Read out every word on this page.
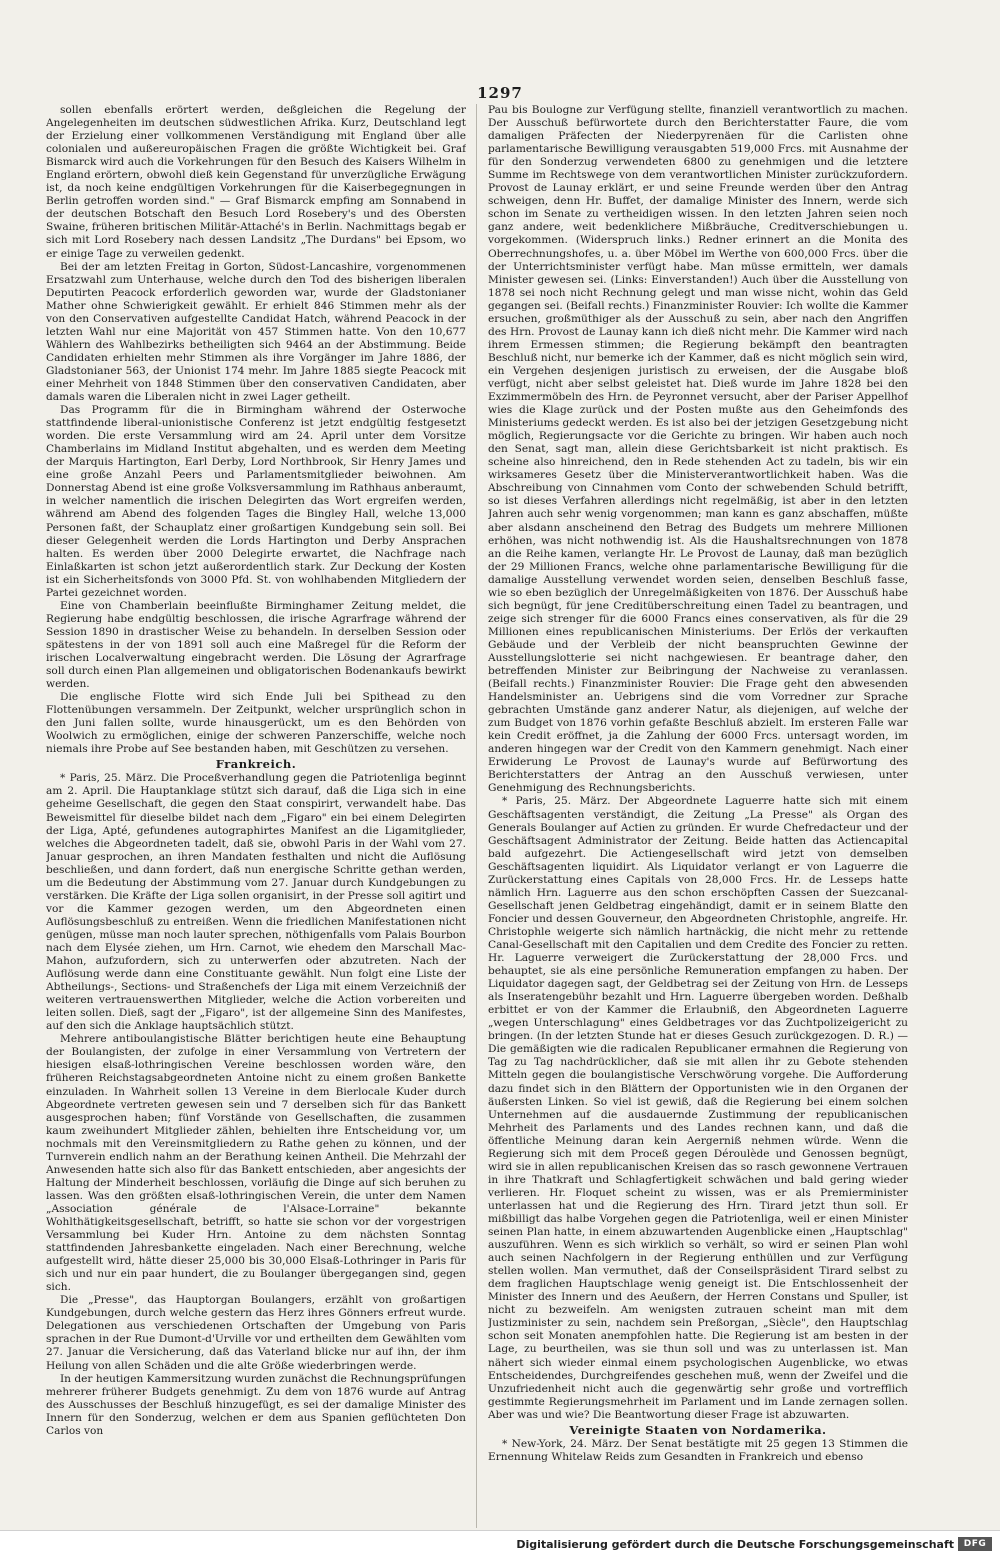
1297

sollen ebenfalls erörtert werden, deßgleichen die Regelung der Angelegenheiten im deutschen südwestlichen Afrika. Kurz, Deutschland legt der Erzielung einer vollkommenen Verständigung mit England über alle colonialen und außereuropäischen Fragen die größte Wichtigkeit bei. Graf Bismarck wird auch die Vorkehrungen für den Besuch des Kaisers Wilhelm in England erörtern, obwohl dieß kein Gegenstand für unverzügliche Erwägung ist, da noch keine endgültigen Vorkehrungen für die Kaiserbegegnungen in Berlin getroffen worden sind." — Graf Bismarck empfing am Sonnabend in der deutschen Botschaft den Besuch Lord Rosebery's und des Obersten Swaine, früheren britischen Militär-Attaché's in Berlin. Nachmittags begab er sich mit Lord Rosebery nach dessen Landsitz „The Durdans" bei Epsom, wo er einige Tage zu verweilen gedenkt.

Bei der am letzten Freitag in Gorton, Südost-Lancashire, vorgenommenen Ersatzwahl zum Unterhause, welche durch den Tod des bisherigen liberalen Deputirten Peacock erforderlich geworden war, wurde der Gladstonianer Mather ohne Schwierigkeit gewählt. Er erhielt 846 Stimmen mehr als der von den Conservativen aufgestellte Candidat Hatch, während Peacock in der letzten Wahl nur eine Majorität von 457 Stimmen hatte. Von den 10,677 Wählern des Wahlbezirks betheiligten sich 9464 an der Abstimmung. Beide Candidaten erhielten mehr Stimmen als ihre Vorgänger im Jahre 1886, der Gladstonianer 563, der Unionist 174 mehr. Im Jahre 1885 siegte Peacock mit einer Mehrheit von 1848 Stimmen über den conservativen Candidaten, aber damals waren die Liberalen nicht in zwei Lager getheilt.

Das Programm für die in Birmingham während der Osterwoche stattfindende liberal-unionistische Conferenz ist jetzt endgültig festgesetzt worden. Die erste Versammlung wird am 24. April unter dem Vorsitze Chamberlains im Midland Institut abgehalten, und es werden dem Meeting der Marquis Hartington, Earl Derby, Lord Northbrook, Sir Henry James und eine große Anzahl Peers und Parlamentsmitglieder beiwohnen. Am Donnerstag Abend ist eine große Volksversammlung im Rathhaus anberaumt, in welcher namentlich die irischen Delegirten das Wort ergreifen werden, während am Abend des folgenden Tages die Bingley Hall, welche 13,000 Personen faßt, der Schauplatz einer großartigen Kundgebung sein soll. Bei dieser Gelegenheit werden die Lords Hartington und Derby Ansprachen halten. Es werden über 2000 Delegirte erwartet, die Nachfrage nach Einlaßkarten ist schon jetzt außerordentlich stark. Zur Deckung der Kosten ist ein Sicherheitsfonds von 3000 Pfd. St. von wohlhabenden Mitgliedern der Partei gezeichnet worden.

Eine von Chamberlain beeinflußte Birminghamer Zeitung meldet, die Regierung habe endgültig beschlossen, die irische Agrarfrage während der Session 1890 in drastischer Weise zu behandeln. In derselben Session oder spätestens in der von 1891 soll auch eine Maßregel für die Reform der irischen Localverwaltung eingebracht werden. Die Lösung der Agrarfrage soll durch einen Plan allgemeinen und obligatorischen Bodenankaufs bewirkt werden.

Die englische Flotte wird sich Ende Juli bei Spithead zu den Flottenübungen versammeln. Der Zeitpunkt, welcher ursprünglich schon in den Juni fallen sollte, wurde hinausgerückt, um es den Behörden von Woolwich zu ermöglichen, einige der schweren Panzerschiffe, welche noch niemals ihre Probe auf See bestanden haben, mit Geschützen zu versehen.

Frankreich.

* Paris, 25. März. Die Proceßverhandlung gegen die Patriotenliga beginnt am 2. April. Die Hauptanklage stützt sich darauf, daß die Liga sich in eine geheime Gesellschaft, die gegen den Staat conspirirt, verwandelt habe. Das Beweismittel für dieselbe bildet nach dem „Figaro" ein bei einem Delegirten der Liga, Apté, gefundenes autographirtes Manifest an die Ligamitglieder, welches die Abgeordneten tadelt, daß sie, obwohl Paris in der Wahl vom 27. Januar gesprochen, an ihren Mandaten festhalten und nicht die Auflösung beschließen, und dann fordert, daß nun energische Schritte gethan werden, um die Bedeutung der Abstimmung vom 27. Januar durch Kundgebungen zu verstärken. Die Kräfte der Liga sollen organisirt, in der Presse soll agitirt und vor die Kammer gezogen werden, um den Abgeordneten einen Auflösungsbeschluß zu entreißen. Wenn die friedlichen Manifestationen nicht genügen, müsse man noch lauter sprechen, nöthigenfalls vom Palais Bourbon nach dem Elysée ziehen, um Hrn. Carnot, wie ehedem den Marschall Mac-Mahon, aufzufordern, sich zu unterwerfen oder abzutreten. Nach der Auflösung werde dann eine Constituante gewählt. Nun folgt eine Liste der Abtheilungs-, Sections- und Straßenchefs der Liga mit einem Verzeichniß der weiteren vertrauenswerthen Mitglieder, welche die Action vorbereiten und leiten sollen. Dieß, sagt der „Figaro", ist der allgemeine Sinn des Manifestes, auf den sich die Anklage hauptsächlich stützt.

Mehrere antiboulangistische Blätter berichtigen heute eine Behauptung der Boulangisten, der zufolge in einer Versammlung von Vertretern der hiesigen elsaß-lothringischen Vereine beschlossen worden wäre, den früheren Reichstagsabgeordneten Antoine nicht zu einem großen Bankette einzuladen. In Wahrheit sollen 13 Vereine in dem Bierlocale Kuder durch Abgeordnete vertreten gewesen sein und 7 derselben sich für das Bankett ausgesprochen haben; fünf Vorstände von Gesellschaften, die zusammen kaum zweihundert Mitglieder zählen, behielten ihre Entscheidung vor, um nochmals mit den Vereinsmitgliedern zu Rathe gehen zu können, und der Turnverein endlich nahm an der Berathung keinen Antheil. Die Mehrzahl der Anwesenden hatte sich also für das Bankett entschieden, aber angesichts der Haltung der Minderheit beschlossen, vorläufig die Dinge auf sich beruhen zu lassen. Was den größten elsaß-lothringischen Verein, die unter dem Namen „Association générale de l'Alsace-Lorraine" bekannte Wohlthätigkeitsgesellschaft, betrifft, so hatte sie schon vor der vorgestrigen Versammlung bei Kuder Hrn. Antoine zu dem nächsten Sonntag stattfindenden Jahresbankette eingeladen. Nach einer Berechnung, welche aufgestellt wird, hätte dieser 25,000 bis 30,000 Elsaß-Lothringer in Paris für sich und nur ein paar hundert, die zu Boulanger übergegangen sind, gegen sich.

Die „Presse", das Hauptorgan Boulangers, erzählt von großartigen Kundgebungen, durch welche gestern das Herz ihres Gönners erfreut wurde. Delegationen aus verschiedenen Ortschaften der Umgebung von Paris sprachen in der Rue Dumont-d'Urville vor und ertheilten dem Gewählten vom 27. Januar die Versicherung, daß das Vaterland blicke nur auf ihn, der ihm Heilung von allen Schäden und die alte Größe wiederbringen werde.

In der heutigen Kammersitzung wurden zunächst die Rechnungsprüfungen mehrerer früherer Budgets genehmigt. Zu dem von 1876 wurde auf Antrag des Ausschusses der Beschluß hinzugefügt, es sei der damalige Minister des Innern für den Sonderzug, welchen er dem aus Spanien geflüchteten Don Carlos von

Pau bis Boulogne zur Verfügung stellte, finanziell verantwortlich zu machen. Der Ausschuß befürwortete durch den Berichterstatter Faure, die vom damaligen Präfecten der Niederpyrenäen für die Carlisten ohne parlamentarische Bewilligung verausgabten 519,000 Frcs. mit Ausnahme der für den Sonderzug verwendeten 6800 zu genehmigen und die letztere Summe im Rechtswege von dem verantwortlichen Minister zurückzufordern. Provost de Launay erklärt, er und seine Freunde werden über den Antrag schweigen, denn Hr. Buffet, der damalige Minister des Innern, werde sich schon im Senate zu vertheidigen wissen. In den letzten Jahren seien noch ganz andere, weit bedenklichere Mißbräuche, Creditverschiebungen u. vorgekommen. (Widerspruch links.) Redner erinnert an die Monita des Oberrechnungshofes, u. a. über Möbel im Werthe von 600,000 Frcs. über die der Unterrichtsminister verfügt habe. Man müsse ermitteln, wer damals Minister gewesen sei. (Links: Einverstanden!) Auch über die Ausstellung von 1878 sei noch nicht Rechnung gelegt und man wisse nicht, wohin das Geld gegangen sei. (Beifall rechts.) Finanzminister Rouvier: Ich wollte die Kammer ersuchen, großmüthiger als der Ausschuß zu sein, aber nach den Angriffen des Hrn. Provost de Launay kann ich dieß nicht mehr. Die Kammer wird nach ihrem Ermessen stimmen; die Regierung bekämpft den beantragten Beschluß nicht, nur bemerke ich der Kammer, daß es nicht möglich sein wird, ein Vergehen desjenigen juristisch zu erweisen, der die Ausgabe bloß verfügt, nicht aber selbst geleistet hat. Dieß wurde im Jahre 1828 bei den Exzimmermöbeln des Hrn. de Peyronnet versucht, aber der Pariser Appellhof wies die Klage zurück und der Posten mußte aus den Geheimfonds des Ministeriums gedeckt werden. Es ist also bei der jetzigen Gesetzgebung nicht möglich, Regierungsacte vor die Gerichte zu bringen. Wir haben auch noch den Senat, sagt man, allein diese Gerichtsbarkeit ist nicht praktisch. Es scheine also hinreichend, den in Rede stehenden Act zu tadeln, bis wir ein wirksameres Gesetz über die Ministerverantwortlichkeit haben. Was die Abschreibung von Cinnahmen vom Conto der schwebenden Schuld betrifft, so ist dieses Verfahren allerdings nicht regelmäßig, ist aber in den letzten Jahren auch sehr wenig vorgenommen; man kann es ganz abschaffen, müßte aber alsdann anscheinend den Betrag des Budgets um mehrere Millionen erhöhen, was nicht nothwendig ist. Als die Haushaltsrechnungen von 1878 an die Reihe kamen, verlangte Hr. Le Provost de Launay, daß man bezüglich der 29 Millionen Francs, welche ohne parlamentarische Bewilligung für die damalige Ausstellung verwendet worden seien, denselben Beschluß fasse, wie so eben bezüglich der Unregelmäßigkeiten von 1876. Der Ausschuß habe sich begnügt, für jene Creditüberschreitung einen Tadel zu beantragen, und zeige sich strenger für die 6000 Francs eines conservativen, als für die 29 Millionen eines republicanischen Ministeriums. Der Erlös der verkauften Gebäude und der Verbleib der nicht beanspruchten Gewinne der Ausstellungslotterie sei nicht nachgewiesen. Er beantrage daher, den betreffenden Minister zur Beibringung der Nachweise zu veranlassen. (Beifall rechts.) Finanzminister Rouvier: Die Frage geht den abwesenden Handelsminister an. Uebrigens sind die vom Vorredner zur Sprache gebrachten Umstände ganz anderer Natur, als diejenigen, auf welche der zum Budget von 1876 vorhin gefaßte Beschluß abzielt. Im ersteren Falle war kein Credit eröffnet, ja die Zahlung der 6000 Frcs. untersagt worden, im anderen hingegen war der Credit von den Kammern genehmigt. Nach einer Erwiderung Le Provost de Launay's wurde auf Befürwortung des Berichterstatters der Antrag an den Ausschuß verwiesen, unter Genehmigung des Rechnungsberichts.

* Paris, 25. März. Der Abgeordnete Laguerre hatte sich mit einem Geschäftsagenten verständigt, die Zeitung „La Presse" als Organ des Generals Boulanger auf Actien zu gründen. Er wurde Chefredacteur und der Geschäftsagent Administrator der Zeitung. Beide hatten das Actiencapital bald aufgezehrt. Die Actiengesellschaft wird jetzt von demselben Geschäftsagenten liquidirt. Als Liquidator verlangt er von Laguerre die Zurückerstattung eines Capitals von 28,000 Frcs. Hr. de Lesseps hatte nämlich Hrn. Laguerre aus den schon erschöpften Cassen der Suezcanal-Gesellschaft jenen Geldbetrag eingehändigt, damit er in seinem Blatte den Foncier und dessen Gouverneur, den Abgeordneten Christophle, angreife. Hr. Christophle weigerte sich nämlich hartnäckig, die nicht mehr zu rettende Canal-Gesellschaft mit den Capitalien und dem Credite des Foncier zu retten. Hr. Laguerre verweigert die Zurückerstattung der 28,000 Frcs. und behauptet, sie als eine persönliche Remuneration empfangen zu haben. Der Liquidator dagegen sagt, der Geldbetrag sei der Zeitung von Hrn. de Lesseps als Inseratengebühr bezahlt und Hrn. Laguerre übergeben worden. Deßhalb erbittet er von der Kammer die Erlaubniß, den Abgeordneten Laguerre „wegen Unterschlagung" eines Geldbetrages vor das Zuchtpolizeigericht zu bringen. (In der letzten Stunde hat er dieses Gesuch zurückgezogen. D. R.) — Die gemäßigten wie die radicalen Republicaner ermahnen die Regierung von Tag zu Tag nachdrücklicher, daß sie mit allen ihr zu Gebote stehenden Mitteln gegen die boulangistische Verschwörung vorgehe. Die Aufforderung dazu findet sich in den Blättern der Opportunisten wie in den Organen der äußersten Linken. So viel ist gewiß, daß die Regierung bei einem solchen Unternehmen auf die ausdauernde Zustimmung der republicanischen Mehrheit des Parlaments und des Landes rechnen kann, und daß die öffentliche Meinung daran kein Aergerniß nehmen würde. Wenn die Regierung sich mit dem Proceß gegen Déroulède und Genossen begnügt, wird sie in allen republicanischen Kreisen das so rasch gewonnene Vertrauen in ihre Thatkraft und Schlagfertigkeit schwächen und bald gering wieder verlieren. Hr. Floquet scheint zu wissen, was er als Premierminister unterlassen hat und die Regierung des Hrn. Tirard jetzt thun soll. Er mißbilligt das halbe Vorgehen gegen die Patriotenliga, weil er einen Minister seinen Plan hatte, in einem abzuwartenden Augenblicke einen „Hauptschlag" auszuführen. Wenn es sich wirklich so verhält, so wird er seinen Plan wohl auch seinen Nachfolgern in der Regierung enthüllen und zur Verfügung stellen wollen. Man vermuthet, daß der Conseilspräsident Tirard selbst zu dem fraglichen Hauptschlage wenig geneigt ist. Die Entschlossenheit der Minister des Innern und des Aeußern, der Herren Constans und Spuller, ist nicht zu bezweifeln. Am wenigsten zutrauen scheint man mit dem Justizminister zu sein, nachdem sein Preßorgan, „Siècle", den Hauptschlag schon seit Monaten anempfohlen hatte. Die Regierung ist am besten in der Lage, zu beurtheilen, was sie thun soll und was zu unterlassen ist. Man nähert sich wieder einmal einem psychologischen Augenblicke, wo etwas Entscheidendes, Durchgreifendes geschehen muß, wenn der Zweifel und die Unzufriedenheit nicht auch die gegenwärtig sehr große und vortrefflich gestimmte Regierungsmehrheit im Parlament und im Lande zernagen sollen. Aber was und wie? Die Beantwortung dieser Frage ist abzuwarten.

Vereinigte Staaten von Nordamerika.

* New-York, 24. März. Der Senat bestätigte mit 25 gegen 13 Stimmen die Ernennung Whitelaw Reids zum Gesandten in Frankreich und ebenso

Digitalisierung gefördert durch die Deutsche Forschungsgemeinschaft	DFG
